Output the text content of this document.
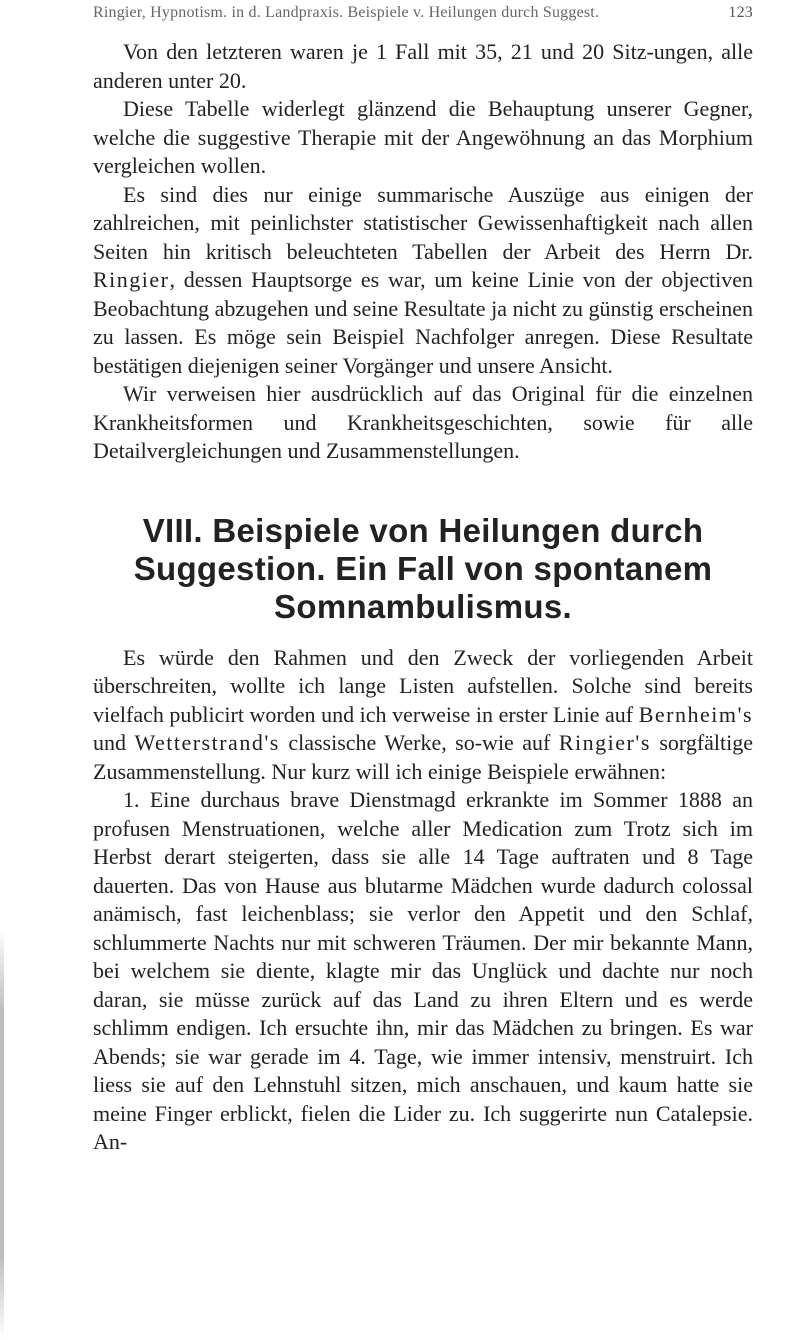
Ringier, Hypnotism. in d. Landpraxis. Beispiele v. Heilungen durch Suggest.	123

Von den letzteren waren je 1 Fall mit 35, 21 und 20 Sitz-ungen, alle anderen unter 20.

Diese Tabelle widerlegt glänzend die Behauptung unserer Gegner, welche die suggestive Therapie mit der Angewöhnung an das Morphium vergleichen wollen.

Es sind dies nur einige summarische Auszüge aus einigen der zahlreichen, mit peinlichster statistischer Gewissenhaftigkeit nach allen Seiten hin kritisch beleuchteten Tabellen der Arbeit des Herrn Dr. Ringier, dessen Hauptsorge es war, um keine Linie von der objectiven Beobachtung abzugehen und seine Resultate ja nicht zu günstig erscheinen zu lassen. Es möge sein Beispiel Nachfolger anregen. Diese Resultate bestätigen diejenigen seiner Vorgänger und unsere Ansicht.

Wir verweisen hier ausdrücklich auf das Original für die einzelnen Krankheitsformen und Krankheitsgeschichten, sowie für alle Detailvergleichungen und Zusammenstellungen.

VIII. Beispiele von Heilungen durch Suggestion. Ein Fall von spontanem Somnambulismus.

Es würde den Rahmen und den Zweck der vorliegenden Arbeit überschreiten, wollte ich lange Listen aufstellen. Solche sind bereits vielfach publicirt worden und ich verweise in erster Linie auf Bernheim's und Wetterstrand's classische Werke, so-wie auf Ringier's sorgfältige Zusammenstellung. Nur kurz will ich einige Beispiele erwähnen:

1. Eine durchaus brave Dienstmagd erkrankte im Sommer 1888 an profusen Menstruationen, welche aller Medication zum Trotz sich im Herbst derart steigerten, dass sie alle 14 Tage auftraten und 8 Tage dauerten. Das von Hause aus blutarme Mädchen wurde dadurch colossal anämisch, fast leichenblass; sie verlor den Appetit und den Schlaf, schlummerte Nachts nur mit schweren Träumen. Der mir bekannte Mann, bei welchem sie diente, klagte mir das Unglück und dachte nur noch daran, sie müsse zurück auf das Land zu ihren Eltern und es werde schlimm endigen. Ich ersuchte ihn, mir das Mädchen zu bringen. Es war Abends; sie war gerade im 4. Tage, wie immer intensiv, menstruirt. Ich liess sie auf den Lehnstuhl sitzen, mich anschauen, und kaum hatte sie meine Finger erblickt, fielen die Lider zu. Ich suggerirte nun Catalepsie. An-
